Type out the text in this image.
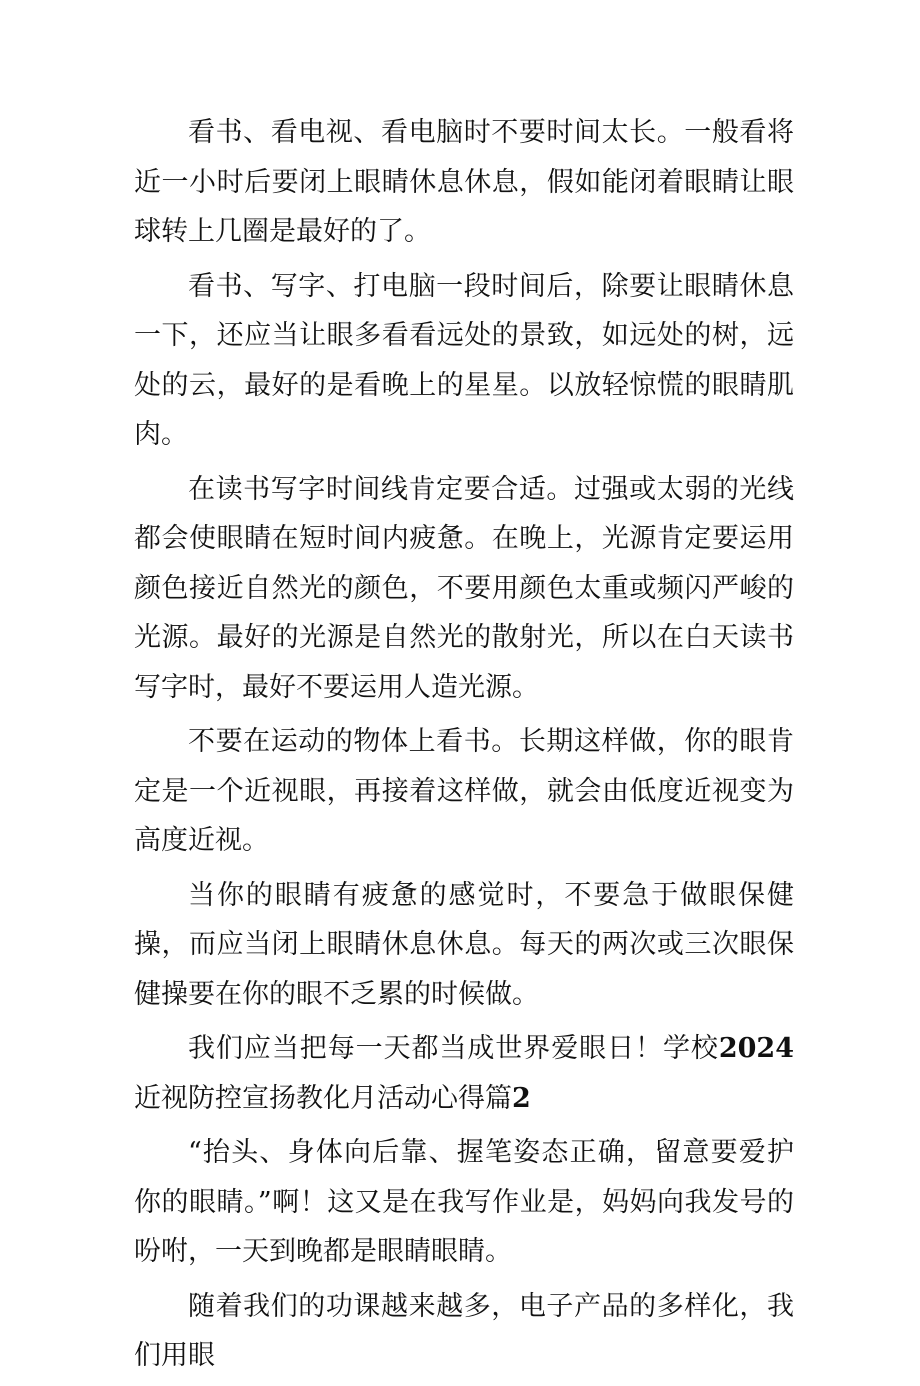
看书、看电视、看电脑时不要时间太长。一般看将近一小时后要闭上眼睛休息休息，假如能闭着眼睛让眼球转上几圈是最好的了。

看书、写字、打电脑一段时间后，除要让眼睛休息一下，还应当让眼多看看远处的景致，如远处的树，远处的云，最好的是看晚上的星星。以放轻惊慌的眼睛肌肉。

在读书写字时间线肯定要合适。过强或太弱的光线都会使眼睛在短时间内疲惫。在晚上，光源肯定要运用颜色接近自然光的颜色，不要用颜色太重或频闪严峻的光源。最好的光源是自然光的散射光，所以在白天读书写字时，最好不要运用人造光源。

不要在运动的物体上看书。长期这样做，你的眼肯定是一个近视眼，再接着这样做，就会由低度近视变为高度近视。

当你的眼睛有疲惫的感觉时，不要急于做眼保健操，而应当闭上眼睛休息休息。每天的两次或三次眼保健操要在你的眼不乏累的时候做。

我们应当把每一天都当成世界爱眼日！学校2024近视防控宣扬教化月活动心得篇2

“抬头、身体向后靠、握笔姿态正确，留意要爱护你的眼睛。”啊！这又是在我写作业是，妈妈向我发号的吩咐，一天到晚都是眼睛眼睛。

随着我们的功课越来越多，电子产品的多样化，我们用眼
